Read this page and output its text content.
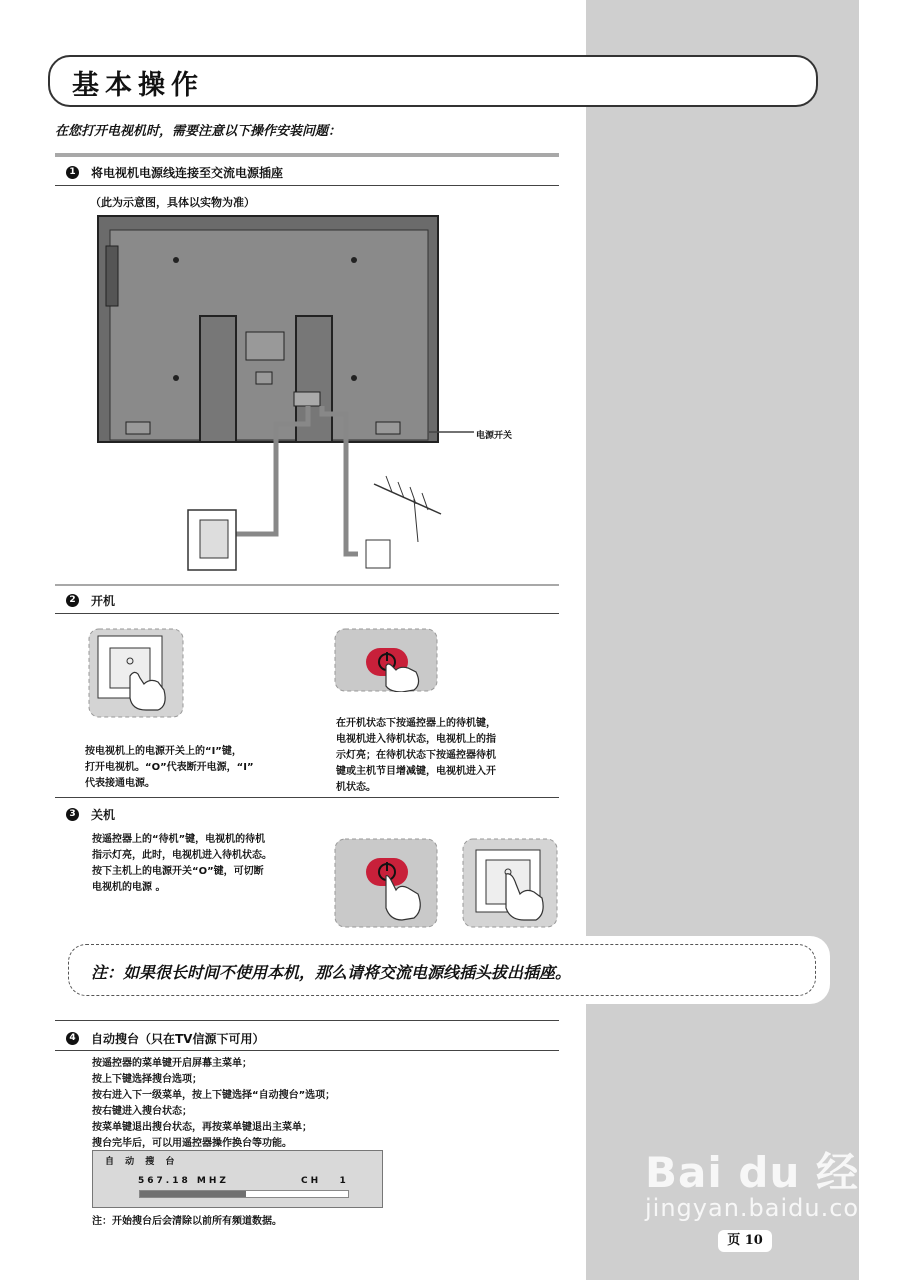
基本操作
在您打开电视机时，需要注意以下操作安装问题：
1 将电视机电源线连接至交流电源插座
（此为示意图，具体以实物为准）
电源开关
2 开机
在开机状态下按遥控器上的待机键，
电视机进入待机状态，电视机上的指
示灯亮；在待机状态下按遥控器待机
键或主机节目增减键，电视机进入开
机状态。
按电视机上的电源开关上的“I”键，
打开电视机。“O”代表断开电源，“I”
代表接通电源。
3 关机
按遥控器上的“待机”键，电视机的待机
指示灯亮，此时，电视机进入待机状态。
按下主机上的电源开关“O”键，可切断
电视机的电源 。
注：如果很长时间不使用本机，那么请将交流电源线插头拔出插座。
4 自动搜台（只在TV信源下可用）
按遥控器的菜单键开启屏幕主菜单；
按上下键选择搜台选项；
按右进入下一级菜单，按上下键选择“自动搜台”选项；
按右键进入搜台状态；
按菜单键退出搜台状态，再按菜单键退出主菜单；
搜台完毕后，可以用遥控器操作换台等功能。
自 动 搜 台
567.18 MHZ	CH   1
注：开始搜台后会清除以前所有频道数据。
Bai du 经验
jingyan.baidu.com
页 10
